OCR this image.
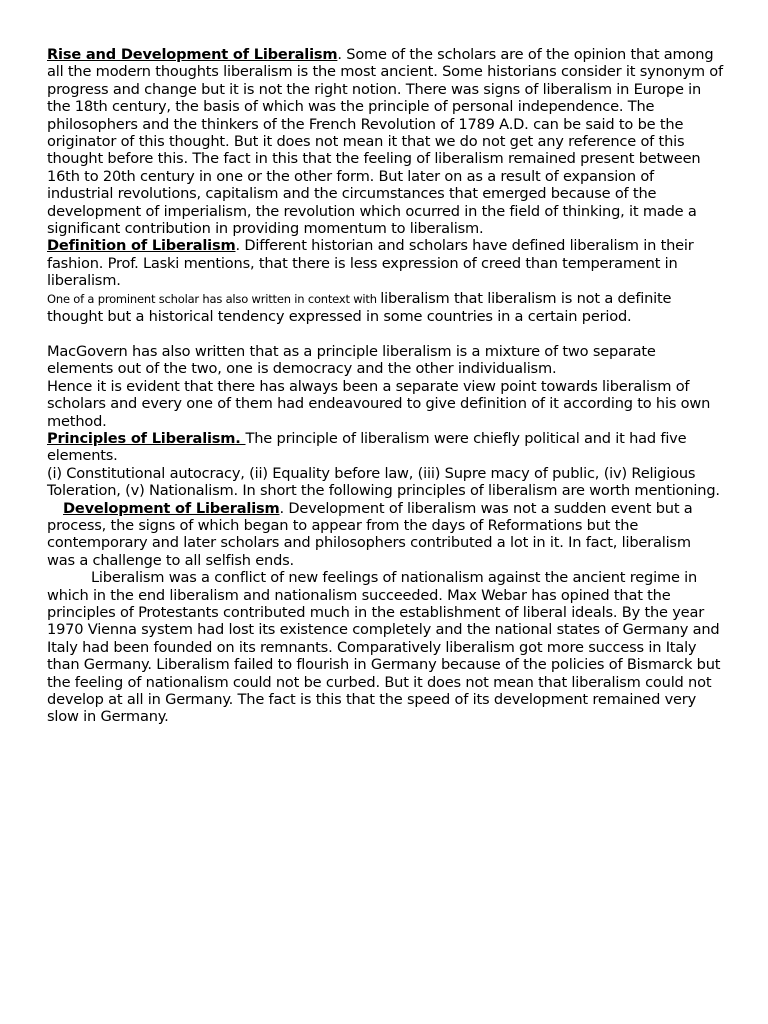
Rise and Development of Liberalism. Some of the scholars are of the opinion that among all the modern thoughts liberalism is the most ancient. Some historians consider it synonym of progress and change but it is not the right notion. There was signs of liberalism in Europe in the 18th century, the basis of which was the principle of personal independence. The philosophers and the thinkers of the French Revolution of 1789 A.D. can be said to be the originator of this thought. But it does not mean it that we do not get any reference of this thought before this. The fact in this that the feeling of liberalism remained present between 16th to 20th century in one or the other form. But later on as a result of expansion of industrial revolutions, capitalism and the circumstances that emerged because of the development of imperialism, the revolution which ocurred in the field of thinking, it made a significant contribution in providing momentum to liberalism.

Definition of Liberalism. Different historian and scholars have defined liberalism in their fashion. Prof. Laski mentions, that there is less expression of creed than temperament in liberalism.

One of a prominent scholar has also written in context with liberalism that liberalism is not a definite thought but a historical tendency expressed in some countries in a certain period.

MacGovern has also written that as a principle liberalism is a mixture of two separate elements out of the two, one is democracy and the other individualism.

Hence it is evident that there has always been a separate view point towards liberalism of scholars and every one of them had endeavoured to give definition of it according to his own method.

Principles of Liberalism. The principle of liberalism were chiefly political and it had five elements.

(i) Constitutional autocracy, (ii) Equality before law, (iii) Supre macy of public, (iv) Religious Toleration, (v) Nationalism. In short the following principles of liberalism are worth mentioning.

Development of Liberalism. Development of liberalism was not a sudden event but a process, the signs of which began to appear from the days of Reformations but the contemporary and later scholars and philosophers contributed a lot in it. In fact, liberalism was a challenge to all selfish ends.

Liberalism was a conflict of new feelings of nationalism against the ancient regime in which in the end liberalism and nationalism succeeded. Max Webar has opined that the principles of Protestants contributed much in the establishment of liberal ideals. By the year 1970 Vienna system had lost its existence completely and the national states of Germany and Italy had been founded on its remnants. Comparatively liberalism got more success in Italy than Germany. Liberalism failed to flourish in Germany because of the policies of Bismarck but the feeling of nationalism could not be curbed. But it does not mean that liberalism could not develop at all in Germany. The fact is this that the speed of its development remained very slow in Germany.
